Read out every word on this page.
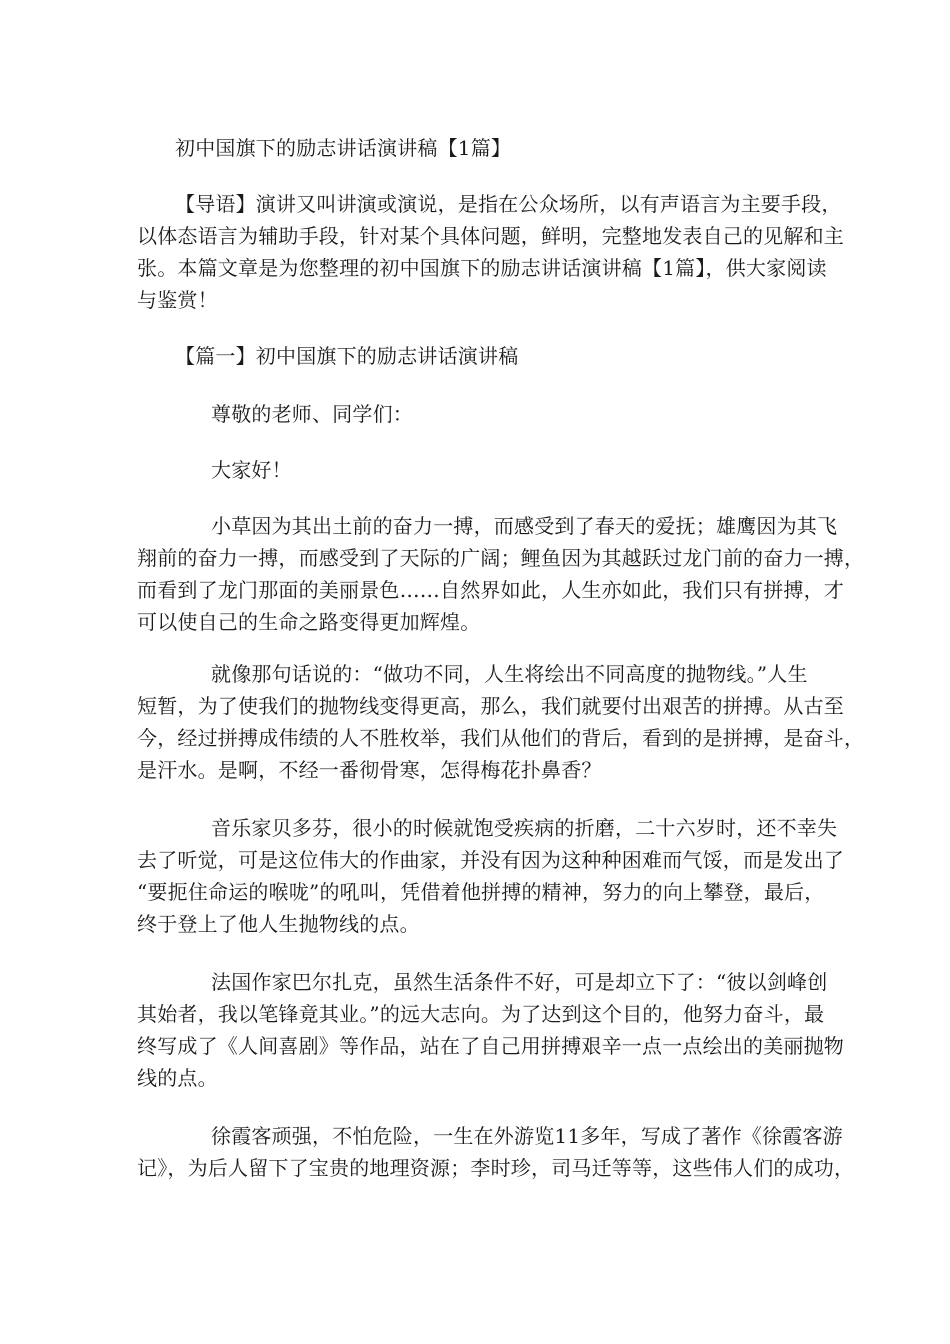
初中国旗下的励志讲话演讲稿【1篇】
【导语】演讲又叫讲演或演说，是指在公众场所，以有声语言为主要手段，
以体态语言为辅助手段，针对某个具体问题，鲜明，完整地发表自己的见解和主
张。本篇文章是为您整理的初中国旗下的励志讲话演讲稿【1篇】，供大家阅读
与鉴赏！
【篇一】初中国旗下的励志讲话演讲稿
尊敬的老师、同学们：
大家好！
小草因为其出土前的奋力一搏，而感受到了春天的爱抚；雄鹰因为其飞
翔前的奋力一搏，而感受到了天际的广阔；鲤鱼因为其越跃过龙门前的奋力一搏，
而看到了龙门那面的美丽景色……自然界如此，人生亦如此，我们只有拼搏，才
可以使自己的生命之路变得更加辉煌。
就像那句话说的：“做功不同，人生将绘出不同高度的抛物线。”人生
短暂，为了使我们的抛物线变得更高，那么，我们就要付出艰苦的拼搏。从古至
今，经过拼搏成伟绩的人不胜枚举，我们从他们的背后，看到的是拼搏，是奋斗，
是汗水。是啊，不经一番彻骨寒，怎得梅花扑鼻香？
音乐家贝多芬，很小的时候就饱受疾病的折磨，二十六岁时，还不幸失
去了听觉，可是这位伟大的作曲家，并没有因为这种种困难而气馁，而是发出了
“要扼住命运的喉咙”的吼叫，凭借着他拼搏的精神，努力的向上攀登，最后，
终于登上了他人生抛物线的点。
法国作家巴尔扎克，虽然生活条件不好，可是却立下了：“彼以剑峰创
其始者，我以笔锋竟其业。”的远大志向。为了达到这个目的，他努力奋斗，最
终写成了《人间喜剧》等作品，站在了自己用拼搏艰辛一点一点绘出的美丽抛物
线的点。
徐霞客顽强，不怕危险，一生在外游览11多年，写成了著作《徐霞客游
记》，为后人留下了宝贵的地理资源；李时珍，司马迁等等，这些伟人们的成功，
